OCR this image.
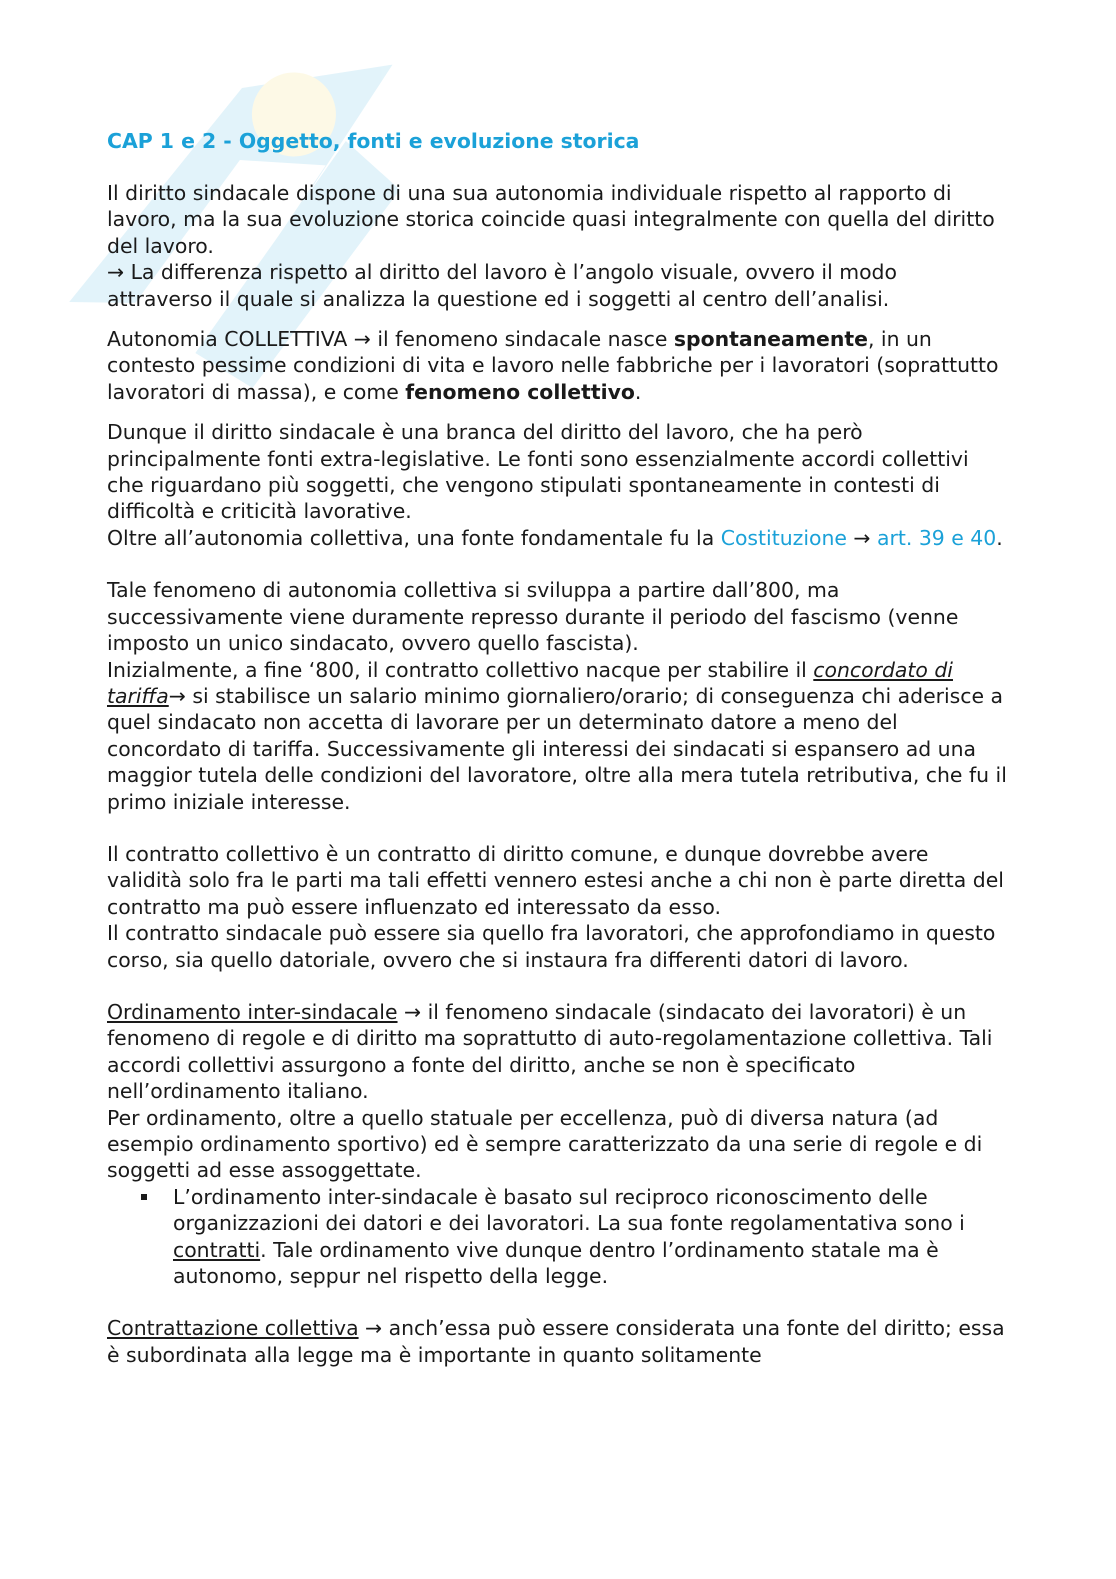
CAP 1 e 2 - Oggetto, fonti e evoluzione storica

Il diritto sindacale dispone di una sua autonomia individuale rispetto al rapporto di lavoro, ma la sua evoluzione storica coincide quasi integralmente con quella del diritto del lavoro.
→ La differenza rispetto al diritto del lavoro è l’angolo visuale, ovvero il modo attraverso il quale si analizza la questione ed i soggetti al centro dell’analisi.

Autonomia COLLETTIVA → il fenomeno sindacale nasce spontaneamente, in un contesto pessime condizioni di vita e lavoro nelle fabbriche per i lavoratori (soprattutto lavoratori di massa), e come fenomeno collettivo.

Dunque il diritto sindacale è una branca del diritto del lavoro, che ha però principalmente fonti extra-legislative. Le fonti sono essenzialmente accordi collettivi che riguardano più soggetti, che vengono stipulati spontaneamente in contesti di difficoltà e criticità lavorative.
Oltre all’autonomia collettiva, una fonte fondamentale fu la Costituzione → art. 39 e 40.

Tale fenomeno di autonomia collettiva si sviluppa a partire dall’800, ma successivamente viene duramente represso durante il periodo del fascismo (venne imposto un unico sindacato, ovvero quello fascista).
Inizialmente, a fine ‘800, il contratto collettivo nacque per stabilire il concordato di tariffa→ si stabilisce un salario minimo giornaliero/orario; di conseguenza chi aderisce a quel sindacato non accetta di lavorare per un determinato datore a meno del concordato di tariffa. Successivamente gli interessi dei sindacati si espansero ad una maggior tutela delle condizioni del lavoratore, oltre alla mera tutela retributiva, che fu il primo iniziale interesse.

Il contratto collettivo è un contratto di diritto comune, e dunque dovrebbe avere validità solo fra le parti ma tali effetti vennero estesi anche a chi non è parte diretta del contratto ma può essere influenzato ed interessato da esso.
Il contratto sindacale può essere sia quello fra lavoratori, che approfondiamo in questo corso, sia quello datoriale, ovvero che si instaura fra differenti datori di lavoro.

Ordinamento inter-sindacale → il fenomeno sindacale (sindacato dei lavoratori) è un fenomeno di regole e di diritto ma soprattutto di auto-regolamentazione collettiva. Tali accordi collettivi assurgono a fonte del diritto, anche se non è specificato nell’ordinamento italiano.
Per ordinamento, oltre a quello statuale per eccellenza, può di diversa natura (ad esempio ordinamento sportivo) ed è sempre caratterizzato da una serie di regole e di soggetti ad esse assoggettate.

L’ordinamento inter-sindacale è basato sul reciproco riconoscimento delle organizzazioni dei datori e dei lavoratori. La sua fonte regolamentativa sono i contratti. Tale ordinamento vive dunque dentro l’ordinamento statale ma è autonomo, seppur nel rispetto della legge.

Contrattazione collettiva → anch’essa può essere considerata una fonte del diritto; essa è subordinata alla legge ma è importante in quanto solitamente
